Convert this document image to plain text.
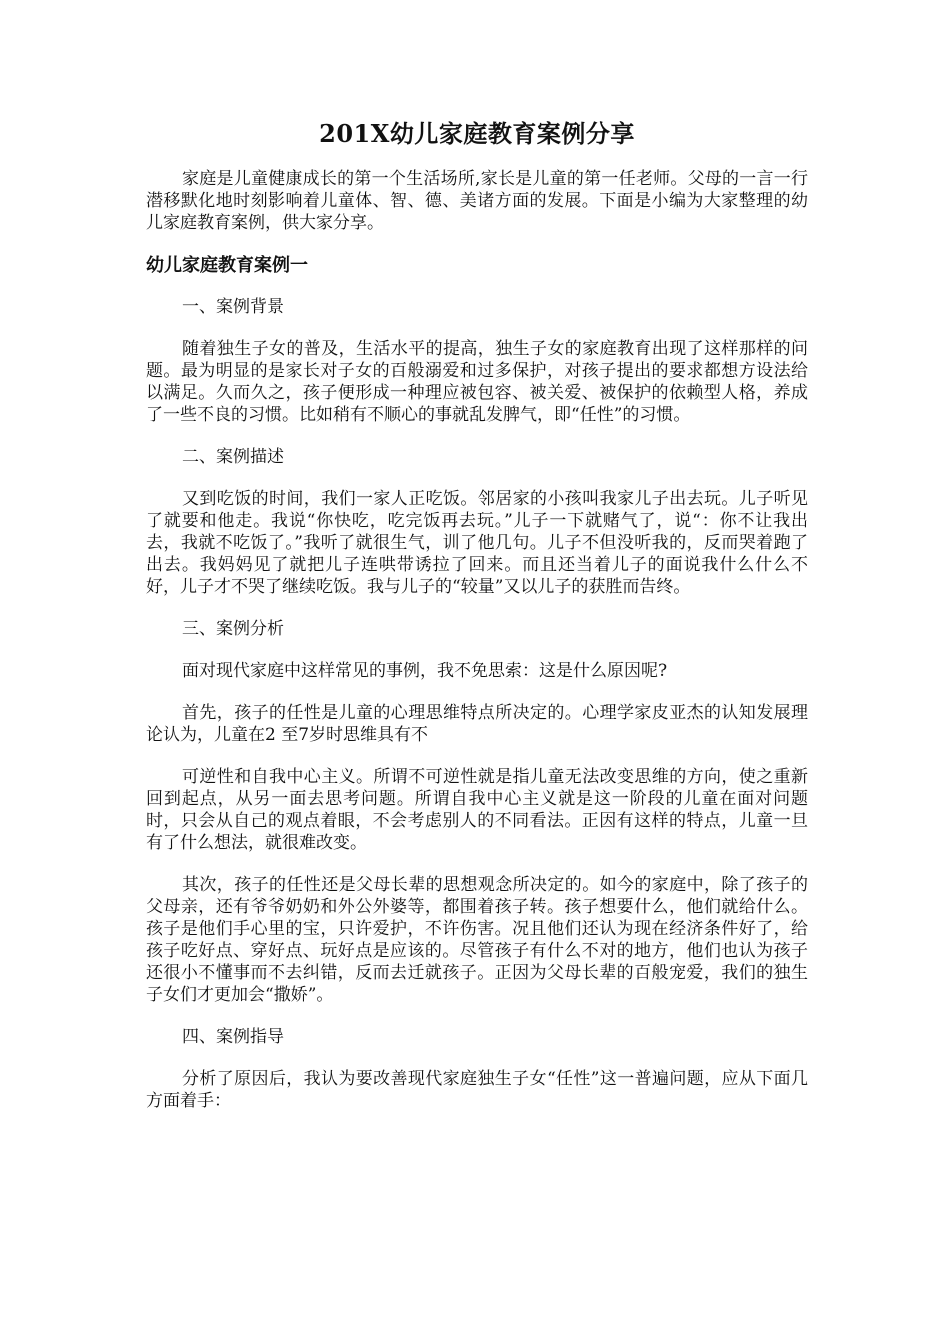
201X幼儿家庭教育案例分享

家庭是儿童健康成长的第一个生活场所,家长是儿童的第一任老师。父母的一言一行潜移默化地时刻影响着儿童体、智、德、美诸方面的发展。下面是小编为大家整理的幼儿家庭教育案例，供大家分享。

幼儿家庭教育案例一

一、案例背景

随着独生子女的普及，生活水平的提高，独生子女的家庭教育出现了这样那样的问题。最为明显的是家长对子女的百般溺爱和过多保护，对孩子提出的要求都想方设法给以满足。久而久之，孩子便形成一种理应被包容、被关爱、被保护的依赖型人格，养成了一些不良的习惯。比如稍有不顺心的事就乱发脾气，即“任性”的习惯。

二、案例描述

又到吃饭的时间，我们一家人正吃饭。邻居家的小孩叫我家儿子出去玩。儿子听见了就要和他走。我说“你快吃，吃完饭再去玩。”儿子一下就赌气了，说“：你不让我出去，我就不吃饭了。”我听了就很生气，训了他几句。儿子不但没听我的，反而哭着跑了出去。我妈妈见了就把儿子连哄带诱拉了回来。而且还当着儿子的面说我什么什么不好，儿子才不哭了继续吃饭。我与儿子的“较量”又以儿子的获胜而告终。

三、案例分析

面对现代家庭中这样常见的事例，我不免思索：这是什么原因呢?

首先，孩子的任性是儿童的心理思维特点所决定的。心理学家皮亚杰的认知发展理论认为，儿童在2 至7岁时思维具有不

可逆性和自我中心主义。所谓不可逆性就是指儿童无法改变思维的方向，使之重新回到起点，从另一面去思考问题。所谓自我中心主义就是这一阶段的儿童在面对问题时，只会从自己的观点着眼，不会考虑别人的不同看法。正因有这样的特点，儿童一旦有了什么想法，就很难改变。

其次，孩子的任性还是父母长辈的思想观念所决定的。如今的家庭中，除了孩子的父母亲，还有爷爷奶奶和外公外婆等，都围着孩子转。孩子想要什么，他们就给什么。孩子是他们手心里的宝，只许爱护，不许伤害。况且他们还认为现在经济条件好了，给孩子吃好点、穿好点、玩好点是应该的。尽管孩子有什么不对的地方，他们也认为孩子还很小不懂事而不去纠错，反而去迁就孩子。正因为父母长辈的百般宠爱，我们的独生子女们才更加会“撒娇”。

四、案例指导

分析了原因后，我认为要改善现代家庭独生子女“任性”这一普遍问题，应从下面几方面着手：
